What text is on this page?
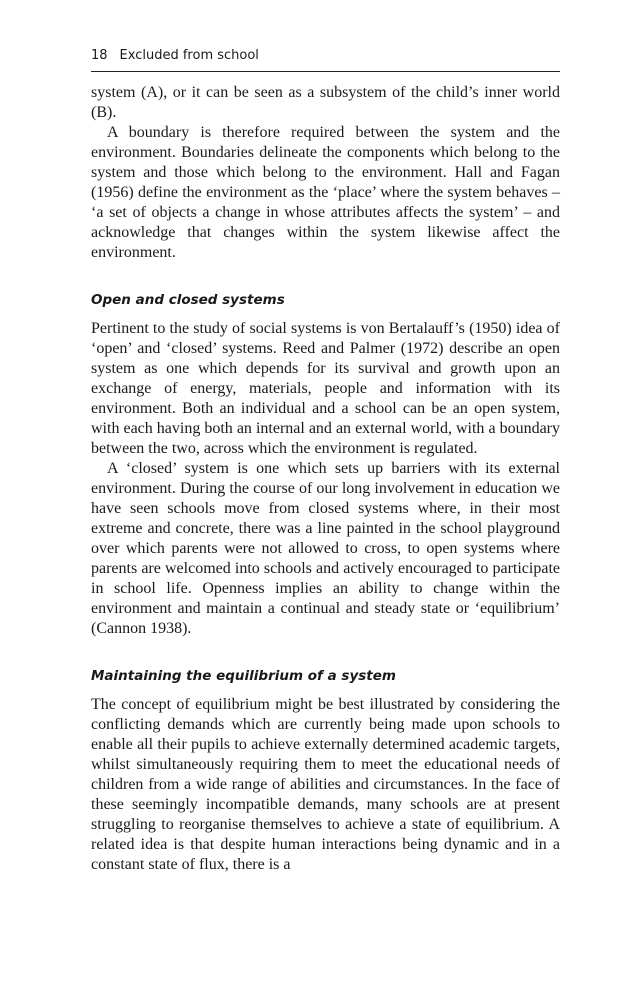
18 Excluded from school

system (A), or it can be seen as a subsystem of the child’s inner world (B).

A boundary is therefore required between the system and the environment. Boundaries delineate the components which belong to the system and those which belong to the environment. Hall and Fagan (1956) define the environment as the ‘place’ where the system behaves – ‘a set of objects a change in whose attributes affects the system’ – and acknowledge that changes within the system likewise affect the environment.

Open and closed systems

Pertinent to the study of social systems is von Bertalauff’s (1950) idea of ‘open’ and ‘closed’ systems. Reed and Palmer (1972) describe an open system as one which depends for its survival and growth upon an exchange of energy, materials, people and information with its environment. Both an individual and a school can be an open system, with each having both an internal and an external world, with a boundary between the two, across which the environment is regulated.

A ‘closed’ system is one which sets up barriers with its external environment. During the course of our long involvement in education we have seen schools move from closed systems where, in their most extreme and concrete, there was a line painted in the school playground over which parents were not allowed to cross, to open systems where parents are welcomed into schools and actively encouraged to participate in school life. Openness implies an ability to change within the environment and maintain a continual and steady state or ‘equilibrium’ (Cannon 1938).

Maintaining the equilibrium of a system

The concept of equilibrium might be best illustrated by considering the conflicting demands which are currently being made upon schools to enable all their pupils to achieve externally determined academic targets, whilst simultaneously requiring them to meet the educational needs of children from a wide range of abilities and circumstances. In the face of these seemingly incompatible demands, many schools are at present struggling to reorganise themselves to achieve a state of equilibrium. A related idea is that despite human interactions being dynamic and in a constant state of flux, there is a
